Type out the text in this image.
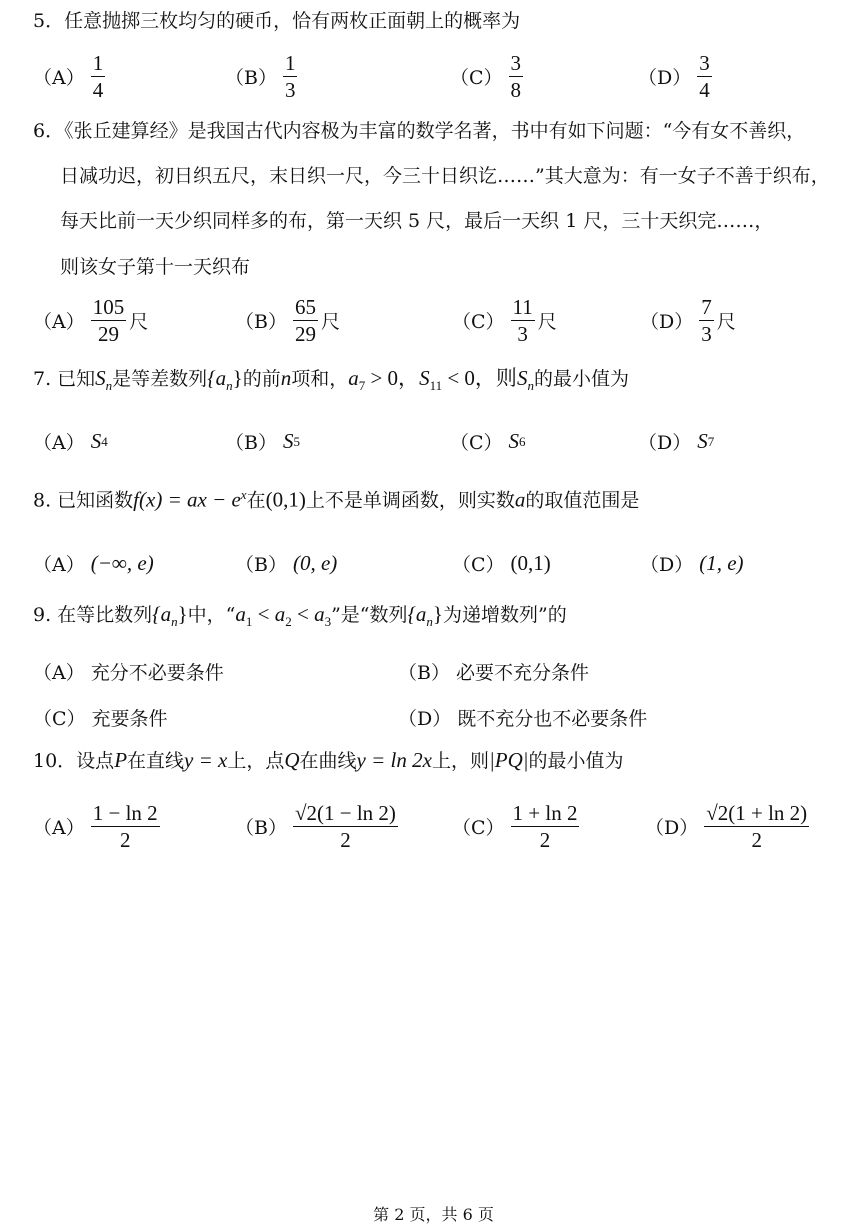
5．任意抛掷三枚均匀的硬币，恰有两枚正面朝上的概率为
$(A) \frac{1}{4}$	$(B) \frac{1}{3}$	$(C) \frac{3}{8}$	$(D) \frac{3}{4}$
6．《张丘建算经》是我国古代内容极为丰富的数学名著，书中有如下问题：“今有女不善织，
日减功迟，初日织五尺，末日织一尺，今三十日织讫……”其大意为：有一女子不善于织布，
每天比前一天少织同样多的布，第一天织 5 尺，最后一天织 1 尺，三十天织完……，
则该女子第十一天织布
$(A) \frac{105}{29}$ 尺	$(B) \frac{65}{29}$ 尺	$(C) \frac{11}{3}$ 尺	$(D) \frac{7}{3}$ 尺
7. 已知$S_n$是等差数列$\{a_n\}$的前n项和，$a_7 > 0$，$S_{11} < 0$，则$S_n$的最小值为
（A） S 4	（B） S 5	（C） S 6	（D） S 7
8. 已知函数f(x) = ax − $e^x$在(0,1)上不是单调函数，则实数a的取值范围是
（A） (−∞, e)	（B） (0, e)	（C） (0,1)	（D） (1, e)
9. 在等比数列$\{a_n\}$中，“$a_1 < a_2 < a_3$”是“数列$\{a_n\}$为递增数列”的
（A） 充分不必要条件	（B） 必要不充分条件
（C） 充要条件	（D） 既不充分也不必要条件
10．设点P在直线y = x上，点Q在曲线y = ln 2x上，则|PQ|的最小值为
$(A) \frac{1 - \ln 2}{2}$	$(B) \frac{√2(1 - \ln 2)}{2}$	$(C) \frac{1 + \ln 2}{2}$	$(D) \frac{√2(1 + \ln 2)}{2}$
第 2 页，共 6 页
